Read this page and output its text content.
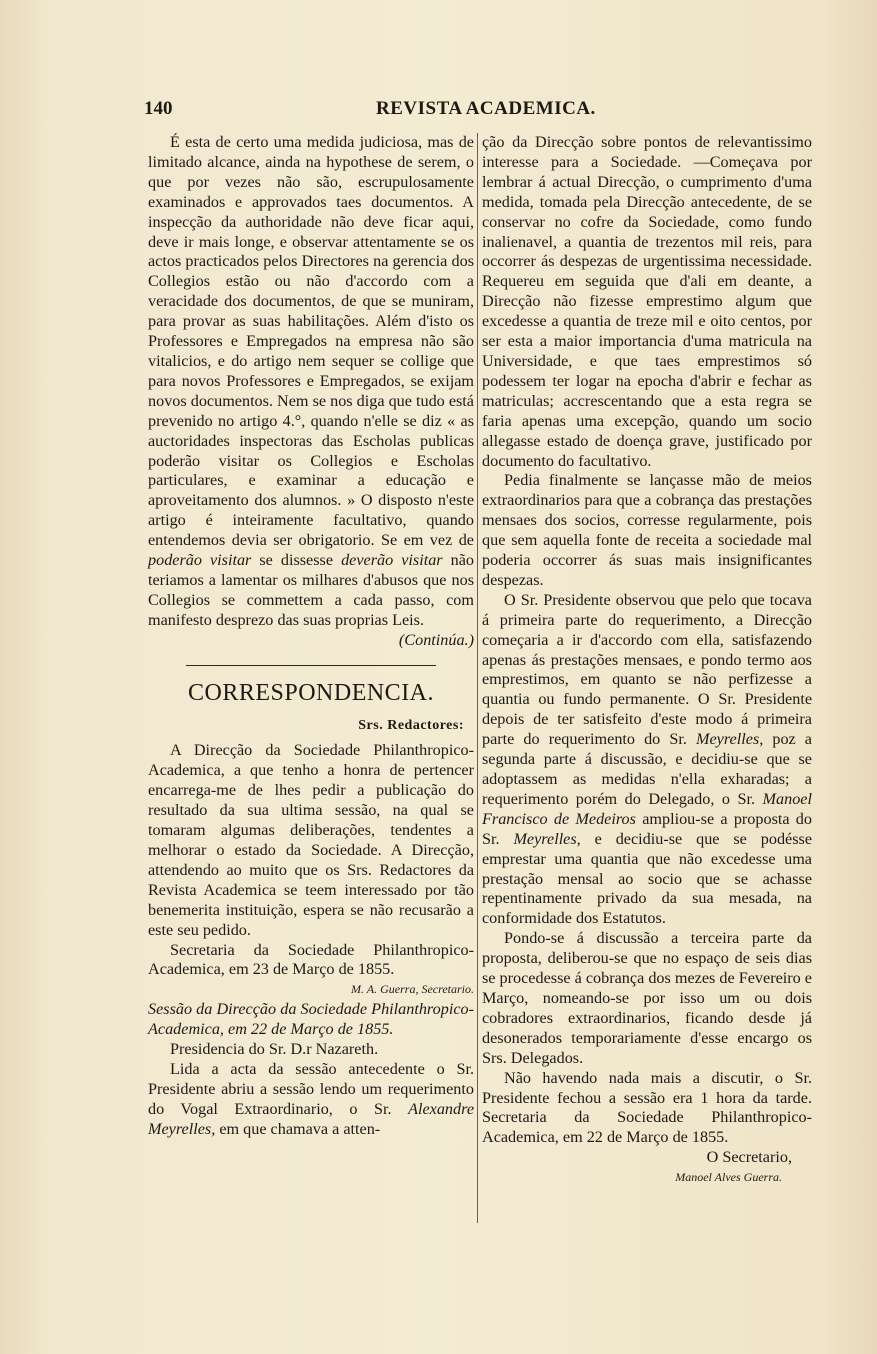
140	REVISTA ACADEMICA.

É esta de certo uma medida judiciosa, mas de limitado alcance, ainda na hypothese de serem, o que por vezes não são, escrupulosamente examinados e approvados taes documentos. A inspecção da authoridade não deve ficar aqui, deve ir mais longe, e observar attentamente se os actos practicados pelos Directores na gerencia dos Collegios estão ou não d'accordo com a veracidade dos documentos, de que se muniram, para provar as suas habilitações. Além d'isto os Professores e Empregados na empresa não são vitalicios, e do artigo nem sequer se collige que para novos Professores e Empregados, se exijam novos documentos. Nem se nos diga que tudo está prevenido no artigo 4.°, quando n'elle se diz « as auctoridades inspectoras das Escholas publicas poderão visitar os Collegios e Escholas particulares, e examinar a educação e aproveitamento dos alumnos. » O disposto n'este artigo é inteiramente facultativo, quando entendemos devia ser obrigatorio. Se em vez de poderão visitar se dissesse deverão visitar não teriamos a lamentar os milhares d'abusos que nos Collegios se commettem a cada passo, com manifesto desprezo das suas proprias Leis.

(Continúa.)

CORRESPONDENCIA.
Srs. Redactores:

A Direcção da Sociedade Philanthropico-Academica, a que tenho a honra de pertencer encarrega-me de lhes pedir a publicação do resultado da sua ultima sessão, na qual se tomaram algumas deliberações, tendentes a melhorar o estado da Sociedade. A Direcção, attendendo ao muito que os Srs. Redactores da Revista Academica se teem interessado por tão benemerita instituição, espera se não recusarão a este seu pedido.

Secretaria da Sociedade Philanthropico-Academica, em 23 de Março de 1855.

M. A. Guerra, Secretario.

Sessão da Direcção da Sociedade Philanthropico-Academica, em 22 de Março de 1855.

Presidencia do Sr. D.r Nazareth.

Lida a acta da sessão antecedente o Sr. Presidente abriu a sessão lendo um requerimento do Vogal Extraordinario, o Sr. Alexandre Meyrelles, em que chamava a atten-

ção da Direcção sobre pontos de relevantissimo interesse para a Sociedade. —Começava por lembrar á actual Direcção, o cumprimento d'uma medida, tomada pela Direcção antecedente, de se conservar no cofre da Sociedade, como fundo inalienavel, a quantia de trezentos mil reis, para occorrer ás despezas de urgentissima necessidade. Requereu em seguida que d'ali em deante, a Direcção não fizesse emprestimo algum que excedesse a quantia de treze mil e oito centos, por ser esta a maior importancia d'uma matricula na Universidade, e que taes emprestimos só podessem ter logar na epocha d'abrir e fechar as matriculas; accrescentando que a esta regra se faria apenas uma excepção, quando um socio allegasse estado de doença grave, justificado por documento do facultativo.

Pedia finalmente se lançasse mão de meios extraordinarios para que a cobrança das prestações mensaes dos socios, corresse regularmente, pois que sem aquella fonte de receita a sociedade mal poderia occorrer ás suas mais insignificantes despezas.

O Sr. Presidente observou que pelo que tocava á primeira parte do requerimento, a Direcção começaria a ir d'accordo com ella, satisfazendo apenas ás prestações mensaes, e pondo termo aos emprestimos, em quanto se não perfizesse a quantia ou fundo permanente. O Sr. Presidente depois de ter satisfeito d'este modo á primeira parte do requerimento do Sr. Meyrelles, poz a segunda parte á discussão, e decidiu-se que se adoptassem as medidas n'ella exharadas; a requerimento porém do Delegado, o Sr. Manoel Francisco de Medeiros ampliou-se a proposta do Sr. Meyrelles, e decidiu-se que se podésse emprestar uma quantia que não excedesse uma prestação mensal ao socio que se achasse repentinamente privado da sua mesada, na conformidade dos Estatutos.

Pondo-se á discussão a terceira parte da proposta, deliberou-se que no espaço de seis dias se procedesse á cobrança dos mezes de Fevereiro e Março, nomeando-se por isso um ou dois cobradores extraordinarios, ficando desde já desonerados temporariamente d'esse encargo os Srs. Delegados.

Não havendo nada mais a discutir, o Sr. Presidente fechou a sessão era 1 hora da tarde. Secretaria da Sociedade Philanthropico-Academica, em 22 de Março de 1855.

O Secretario,

Manoel Alves Guerra.
